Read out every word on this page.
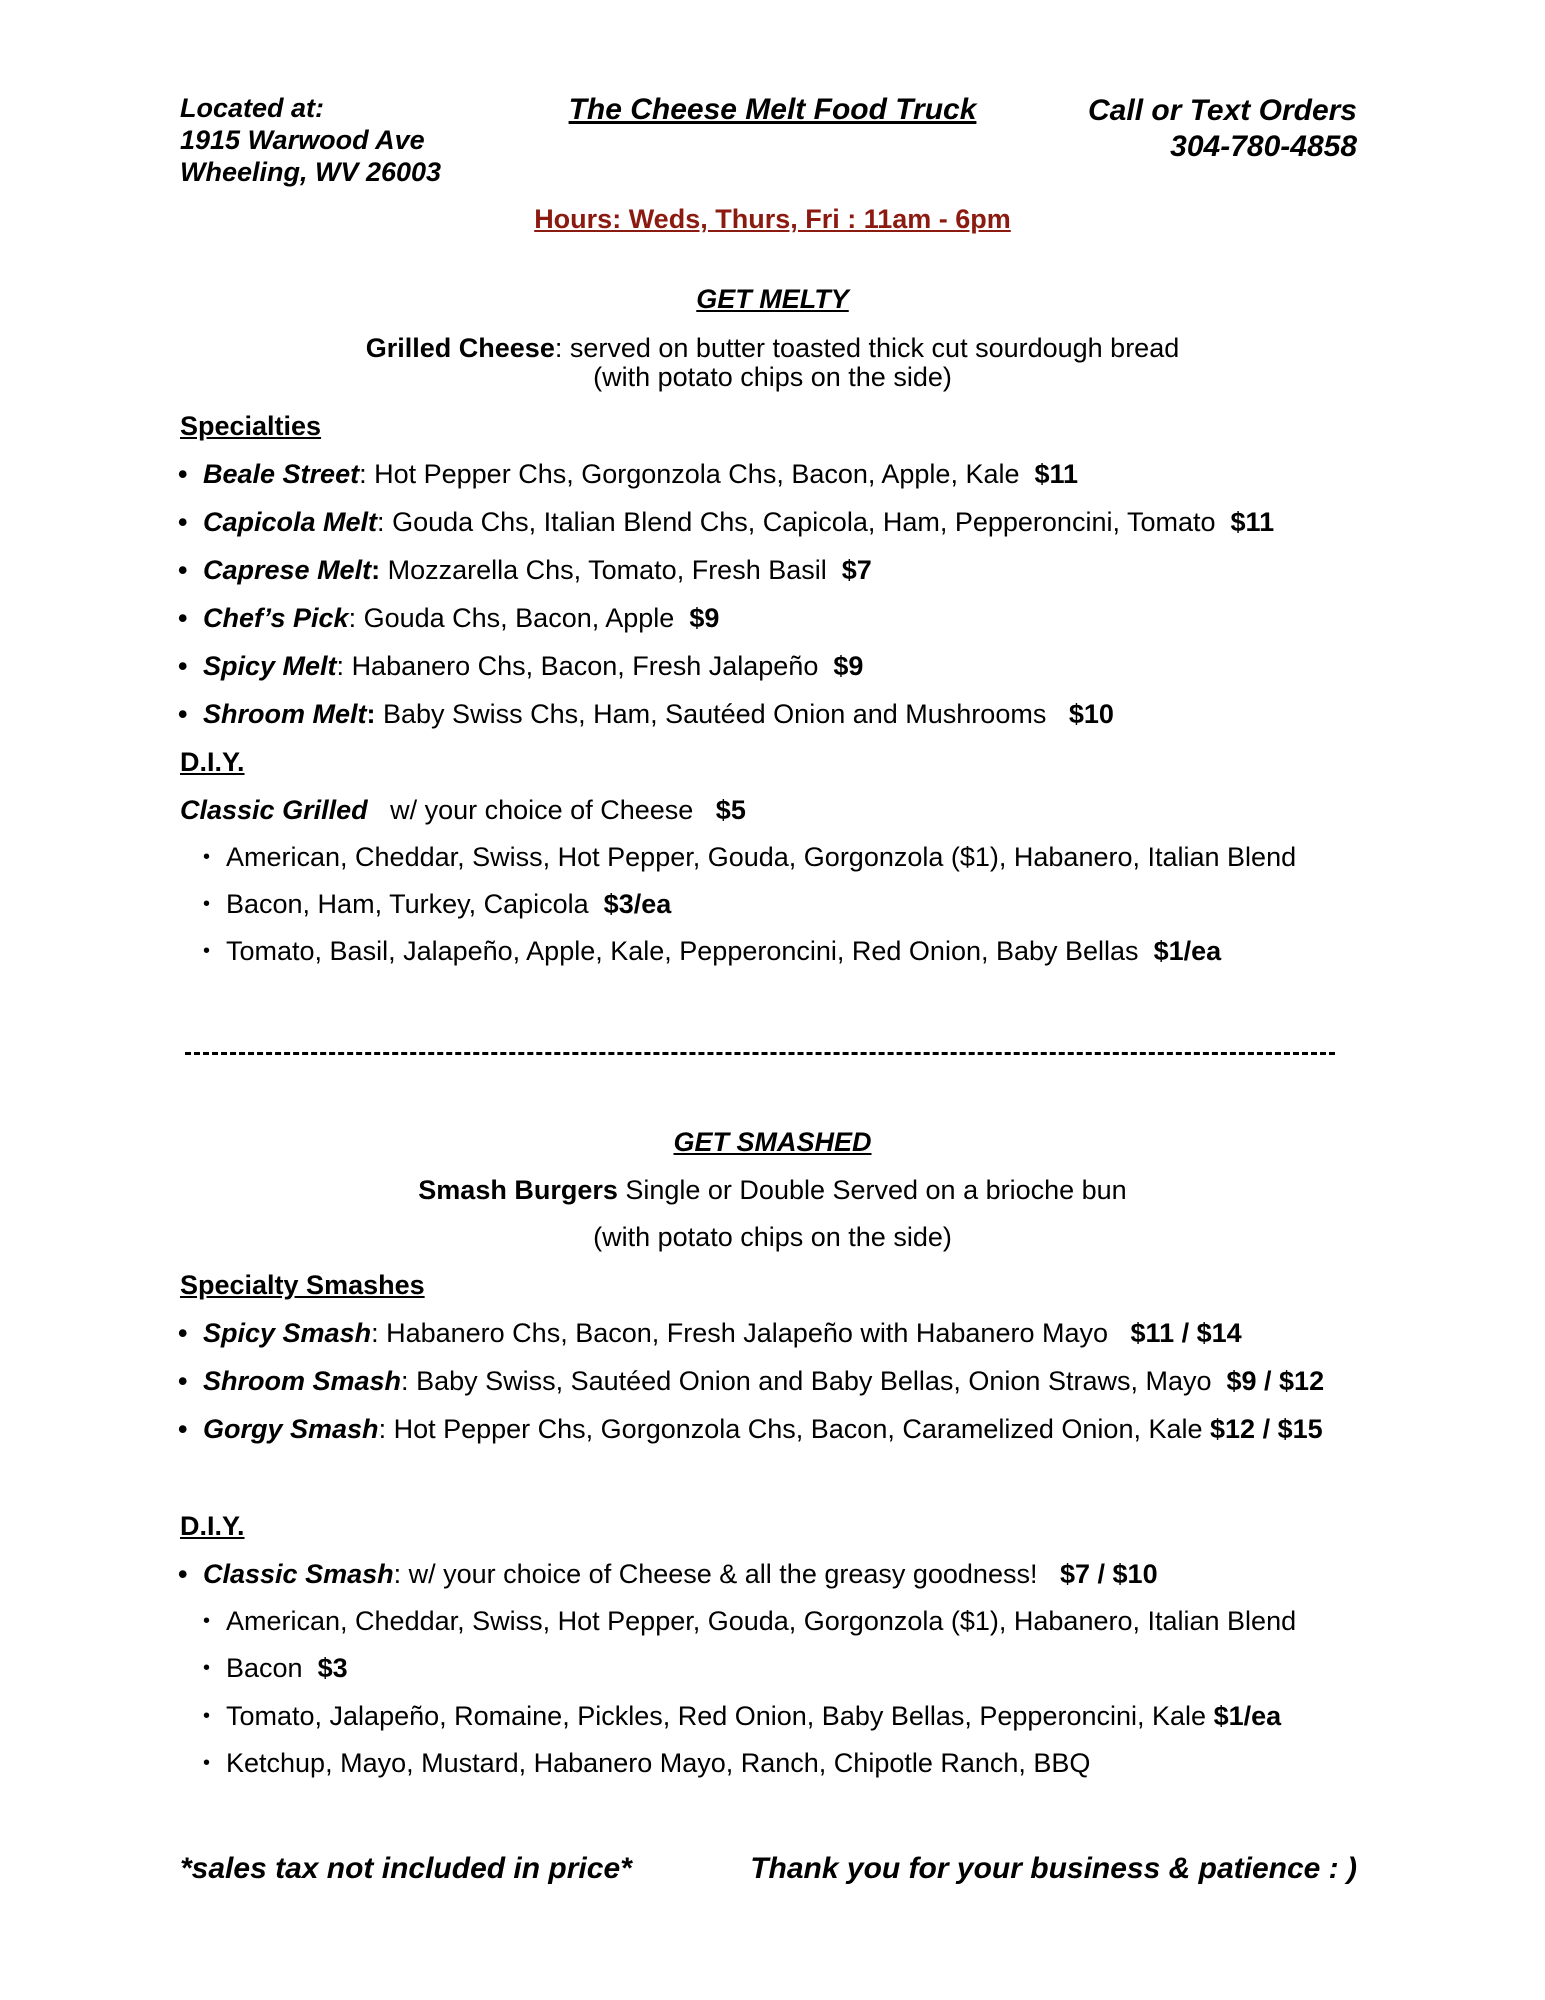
Located at:
1915 Warwood Ave
Wheeling, WV 26003
The Cheese Melt Food Truck	Call or Text Orders
304-780-4858
Hours: Weds, Thurs, Fri : 11am - 6pm
GET MELTY
Grilled Cheese: served on butter toasted thick cut sourdough bread
(with potato chips on the side)
Specialties
• Beale Street: Hot Pepper Chs, Gorgonzola Chs, Bacon, Apple, Kale $11
• Capicola Melt: Gouda Chs, Italian Blend Chs, Capicola, Ham, Pepperoncini, Tomato $11
• Caprese Melt: Mozzarella Chs, Tomato, Fresh Basil $7
• Chef’s Pick: Gouda Chs, Bacon, Apple $9
• Spicy Melt: Habanero Chs, Bacon, Fresh Jalapeño $9
• Shroom Melt: Baby Swiss Chs, Ham, Sautéed Onion and Mushrooms $10
D.I.Y.
Classic Grilled w/ your choice of Cheese $5
• American, Cheddar, Swiss, Hot Pepper, Gouda, Gorgonzola ($1), Habanero, Italian Blend
• Bacon, Ham, Turkey, Capicola $3/ea
• Tomato, Basil, Jalapeño, Apple, Kale, Pepperoncini, Red Onion, Baby Bellas $1/ea
GET SMASHED
Smash Burgers Single or Double Served on a brioche bun
(with potato chips on the side)
Specialty Smashes
• Spicy Smash: Habanero Chs, Bacon, Fresh Jalapeño with Habanero Mayo $11 / $14
• Shroom Smash: Baby Swiss, Sautéed Onion and Baby Bellas, Onion Straws, Mayo $9 / $12
• Gorgy Smash: Hot Pepper Chs, Gorgonzola Chs, Bacon, Caramelized Onion, Kale $12 / $15
D.I.Y.
• Classic Smash: w/ your choice of Cheese & all the greasy goodness! $7 / $10
• American, Cheddar, Swiss, Hot Pepper, Gouda, Gorgonzola ($1), Habanero, Italian Blend
• Bacon $3
• Tomato, Jalapeño, Romaine, Pickles, Red Onion, Baby Bellas, Pepperoncini, Kale $1/ea
• Ketchup, Mayo, Mustard, Habanero Mayo, Ranch, Chipotle Ranch, BBQ
*sales tax not included in price*	Thank you for your business & patience : )
